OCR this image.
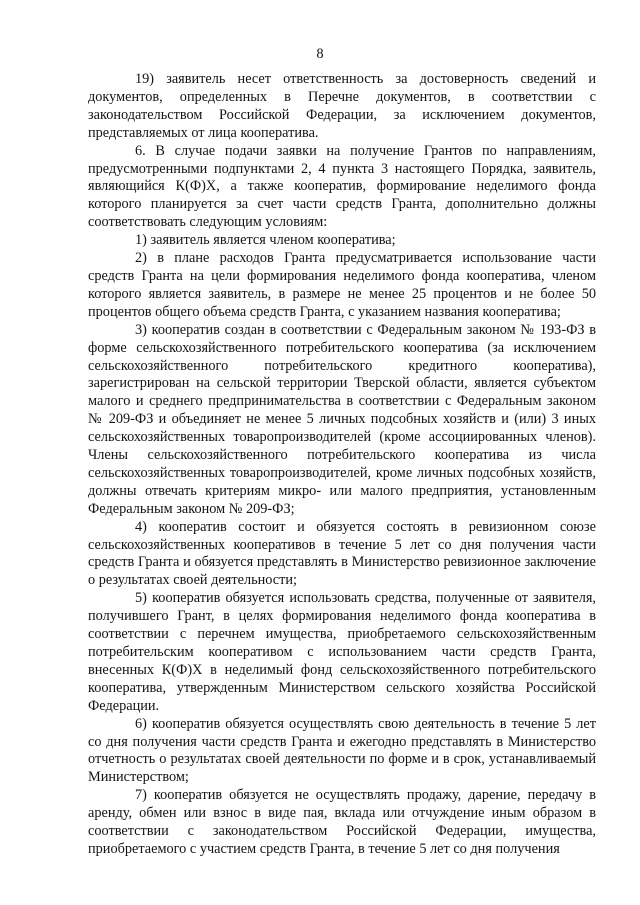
8

19) заявитель несет ответственность за достоверность сведений и документов, определенных в Перечне документов, в соответствии с законодательством Российской Федерации, за исключением документов, представляемых от лица кооператива.

6. В случае подачи заявки на получение Грантов по направлениям, предусмотренными подпунктами 2, 4 пункта 3 настоящего Порядка, заявитель, являющийся К(Ф)Х, а также кооператив, формирование неделимого фонда которого планируется за счет части средств Гранта, дополнительно должны соответствовать следующим условиям:

1) заявитель является членом кооператива;

2) в плане расходов Гранта предусматривается использование части средств Гранта на цели формирования неделимого фонда кооператива, членом которого является заявитель, в размере не менее 25 процентов и не более 50 процентов общего объема средств Гранта, с указанием названия кооператива;

3) кооператив создан в соответствии с Федеральным законом № 193-ФЗ в форме сельскохозяйственного потребительского кооператива (за исключением сельскохозяйственного потребительского кредитного кооператива), зарегистрирован на сельской территории Тверской области, является субъектом малого и среднего предпринимательства в соответствии с Федеральным законом № 209-ФЗ и объединяет не менее 5 личных подсобных хозяйств и (или) 3 иных сельскохозяйственных товаропроизводителей (кроме ассоциированных членов). Члены сельскохозяйственного потребительского кооператива из числа сельскохозяйственных товаропроизводителей, кроме личных подсобных хозяйств, должны отвечать критериям микро- или малого предприятия, установленным Федеральным законом № 209-ФЗ;

4) кооператив состоит и обязуется состоять в ревизионном союзе сельскохозяйственных кооперативов в течение 5 лет со дня получения части средств Гранта и обязуется представлять в Министерство ревизионное заключение о результатах своей деятельности;

5) кооператив обязуется использовать средства, полученные от заявителя, получившего Грант, в целях формирования неделимого фонда кооператива в соответствии с перечнем имущества, приобретаемого сельскохозяйственным потребительским кооперативом с использованием части средств Гранта, внесенных К(Ф)Х в неделимый фонд сельскохозяйственного потребительского кооператива, утвержденным Министерством сельского хозяйства Российской Федерации.

6) кооператив обязуется осуществлять свою деятельность в течение 5 лет со дня получения части средств Гранта и ежегодно представлять в Министерство отчетность о результатах своей деятельности по форме и в срок, устанавливаемый Министерством;

7) кооператив обязуется не осуществлять продажу, дарение, передачу в аренду, обмен или взнос в виде пая, вклада или отчуждение иным образом в соответствии с законодательством Российской Федерации, имущества, приобретаемого с участием средств Гранта, в течение 5 лет со дня получения
